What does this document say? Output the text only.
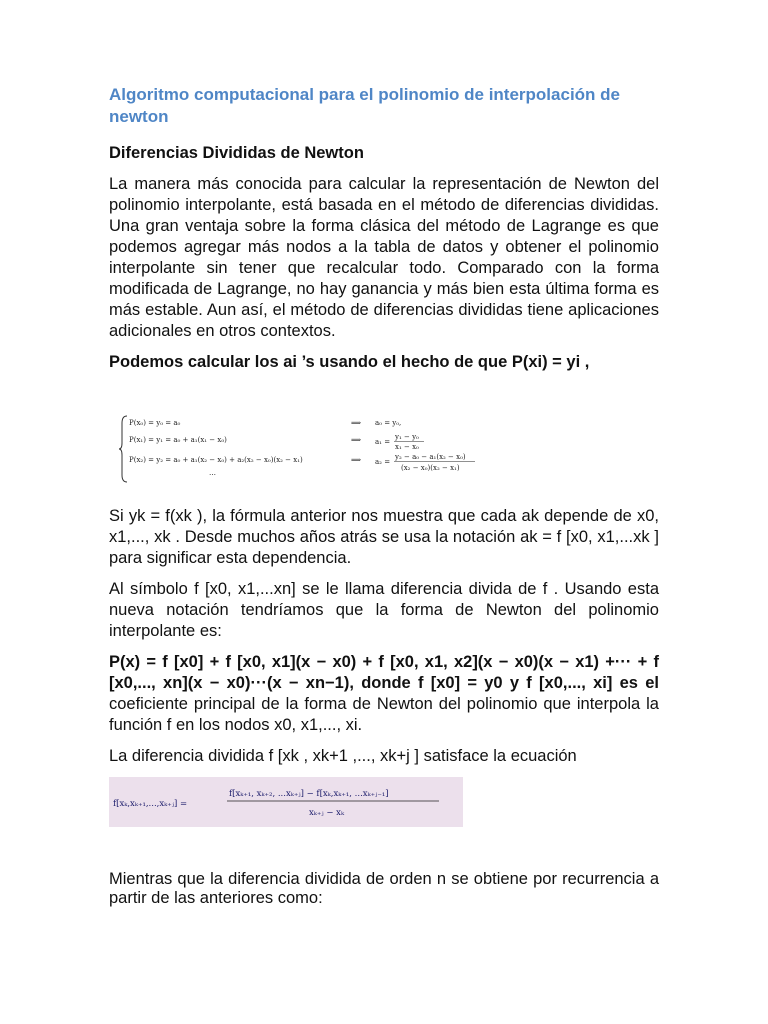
Algoritmo computacional para el polinomio de interpolación de newton
Diferencias Divididas de Newton

La manera más conocida para calcular la representación de Newton del polinomio interpolante, está basada en el método de diferencias divididas. Una gran ventaja sobre la forma clásica del método de Lagrange es que podemos agregar más nodos a la tabla de datos y obtener el polinomio interpolante sin tener que recalcular todo. Comparado con la forma modificada de Lagrange, no hay ganancia y más bien esta última forma es más estable. Aun así, el método de diferencias divididas tiene aplicaciones adicionales en otros contextos.

Podemos calcular los ai ’s usando el hecho de que P(xi) = yi ,

P(x₀) = y₀ = a₀
P(x₁) = y₁ = a₀ + a₁(x₁ − x₀)
P(x₂) = y₂ = a₀ + a₁(x₂ − x₀) + a₂(x₂ − x₀)(x₂ − x₁)
⋯
⟹
⟹
⟹
a₀ = y₀,
a₁ =
y₁ − y₀
x₁ − x₀
a₂ =
y₂ − a₀ − a₁(x₂ − x₀)
(x₂ − x₀)(x₂ − x₁)

Si yk = f(xk ), la fórmula anterior nos muestra que cada ak depende de x0, x1,..., xk . Desde muchos años atrás se usa la notación ak = f [x0, x1,...xk ] para significar esta dependencia.

Al símbolo f [x0, x1,...xn] se le llama diferencia divida de f . Usando esta nueva notación tendríamos que la forma de Newton del polinomio interpolante es:

P(x) = f [x0] + f [x0, x1](x − x0) + f [x0, x1, x2](x − x0)(x − x1) +··· + f [x0,..., xn](x − x0)···(x − xn−1), donde f [x0] = y0 y f [x0,..., xi] es el coeficiente principal de la forma de Newton del polinomio que interpola la función f en los nodos x0, x1,..., xi.

La diferencia dividida f [xk , xk+1 ,..., xk+j ] satisface la ecuación

f[xₖ,xₖ₊₁,...,xₖ₊ⱼ] =
f[xₖ₊₁, xₖ₊₂, ...xₖ₊ⱼ] − f[xₖ,xₖ₊₁, ...xₖ₊ⱼ₋₁]
xₖ₊ⱼ − xₖ

Mientras que la diferencia dividida de orden n se obtiene por recurrencia a partir de las anteriores como:
